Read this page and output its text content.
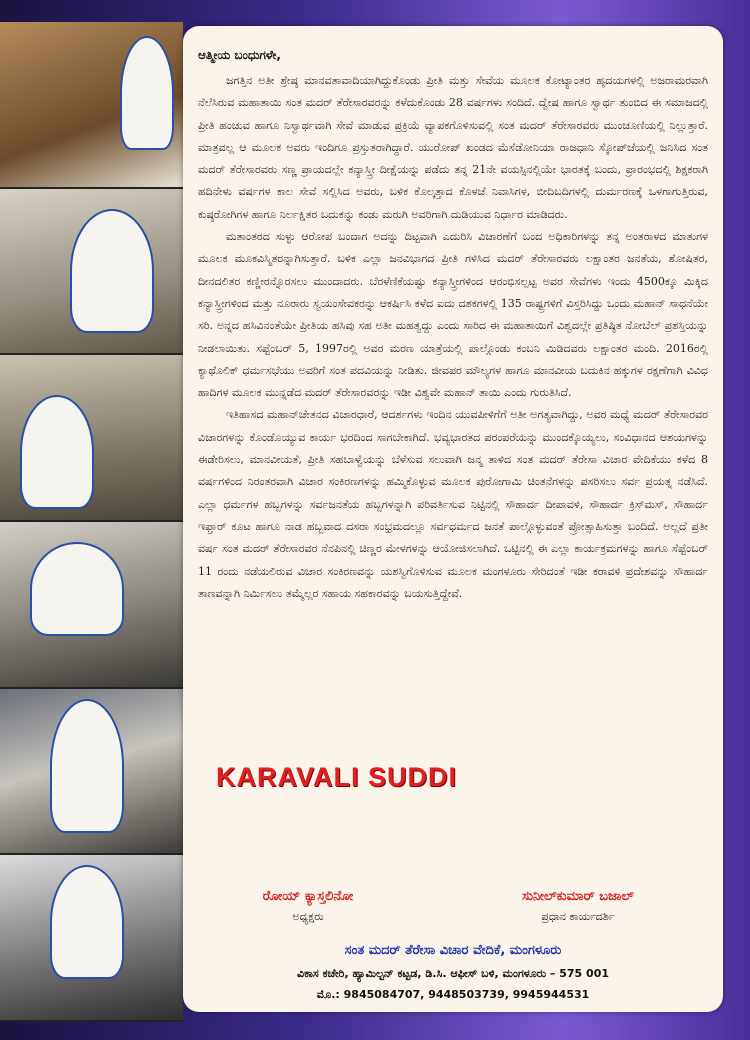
ಆತ್ಮೀಯ ಬಂಧುಗಳೇ,

ಜಗತ್ತಿನ ಅತೀ ಶ್ರೇಷ್ಠ ಮಾನವತಾವಾದಿಯಾಗಿದ್ದುಕೊಂಡು ಪ್ರೀತಿ ಮತ್ತು ಸೇವೆಯ ಮೂಲಕ ಕೋಟ್ಯಾಂತರ ಹೃದಯಗಳಲ್ಲಿ ಅಜರಾಮರವಾಗಿ ನೆಲೆಸಿರುವ ಮಹಾತಾಯಿ ಸಂತ ಮದರ್ ತೆರೇಸಾರವರನ್ನು ಕಳೆದುಕೊಂಡು 28 ವರ್ಷಗಳು ಸಂದಿದೆ. ದ್ವೇಷ ಹಾಗೂ ಸ್ವಾರ್ಥ ತುಂಬಿದ ಈ ಸಮಾಜದಲ್ಲಿ ಪ್ರೀತಿ ಹಂಚುವ ಹಾಗೂ ನಿಸ್ವಾರ್ಥವಾಗಿ ಸೇವೆ ಮಾಡುವ ಪ್ರಕ್ರಿಯೆ ವ್ಯಾಪಕಗೊಳಿಸುವಲ್ಲಿ ಸಂತ ಮದರ್ ತೆರೇಸಾರವರು ಮುಂಚೂಣಿಯಲ್ಲಿ ನಿಲ್ಲುತ್ತಾರೆ. ಮಾತ್ರವಲ್ಲ ಆ ಮೂಲಕ ಅವರು ಇಂದಿಗೂ ಪ್ರಸ್ತುತರಾಗಿದ್ದಾರೆ. ಯುರೋಪ್ ಖಂಡದ ಮೆಸೆಡೋನಿಯಾ ರಾಜಧಾನಿ ಸ್ಕೋಪ್‌ಜೆಯಲ್ಲಿ ಜನಿಸಿದ ಸಂತ ಮದರ್ ತೆರೇಸಾರವರು ಸಣ್ಣ ಪ್ರಾಯದಲ್ಲೇ ಕನ್ಯಾಸ್ತ್ರೀ ದೀಕ್ಷೆಯನ್ನು ಪಡೆದು ತನ್ನ 21ನೇ ವಯಸ್ಸಿನಲ್ಲಿಯೇ ಭಾರತಕ್ಕೆ ಬಂದು, ಪ್ರಾರಂಭದಲ್ಲಿ ಶಿಕ್ಷಕರಾಗಿ ಹದಿನೇಳು ವರ್ಷಗಳ ಕಾಲ ಸೇವೆ ಸಲ್ಲಿಸಿದ ಅವರು, ಬಳಿಕ ಕೊಲ್ಕತ್ತಾದ ಕೊಳಚೆ ನಿವಾಸಿಗಳ, ಬೀದಿಬದಿಗಳಲ್ಲಿ ದುರ್ಮರಣಕ್ಕೆ ಒಳಗಾಗುತ್ತಿರುವ, ಕುಷ್ಠರೋಗಿಗಳ ಹಾಗೂ ನಿರ್ಲಕ್ಷಿತರ ಬದುಕನ್ನು ಕಂಡು ಮರುಗಿ ಅವರಿಗಾಗಿ ದುಡಿಯುವ ನಿರ್ಧಾರ ಮಾಡಿದರು.

ಮತಾಂತರದ ಸುಳ್ಳು ಆರೋಪ ಬಂದಾಗ ಅದನ್ನು ದಿಟ್ಟವಾಗಿ ಎದುರಿಸಿ ವಿಚಾರಣೆಗೆ ಬಂದ ಅಧಿಕಾರಿಗಳನ್ನು ತನ್ನ ಅಂತರಾಳದ ಮಾತುಗಳ ಮೂಲಕ ಮೂಕವಿಸ್ಮಿತರನ್ನಾಗಿಸುತ್ತಾರೆ. ಬಳಿಕ ಎಲ್ಲಾ ಜನವಿಭಾಗದ ಪ್ರೀತಿ ಗಳಿಸಿದ ಮದರ್ ತೆರೇಸಾರವರು ಲಕ್ಷಾಂತರ ಜನತೆಯ, ಶೋಷಿತರ, ದೀನದಲಿತರ ಕಣ್ಣೀರನ್ನೊರಸಲು ಮುಂದಾದರು. ಬೆರಳೆಣಿಕೆಯಷ್ಟು ಕನ್ಯಾಸ್ತ್ರೀಗಳಿಂದ ಆರಂಭಿಸಲ್ಪಟ್ಟ ಅವರ ಸೇವೆಗಳು ಇಂದು 4500ಕ್ಕೂ ಮಿಕ್ಕಿದ ಕನ್ಯಾಸ್ತ್ರೀಗಳಿಂದ ಮತ್ತು ನೂರಾರು ಸ್ವಯಂಸೇವಕರನ್ನು ಆಕರ್ಷಿಸಿ ಕಳೆದ ಐದು ದಶಕಗಳಲ್ಲಿ 135 ರಾಷ್ಟ್ರಗಳಿಗೆ ವಿಸ್ತರಿಸಿದ್ದು ಒಂದು ಮಹಾನ್ ಸಾಧನೆಯೇ ಸರಿ. ಅನ್ನದ ಹಸಿವಿನಂತೆಯೇ ಪ್ರೀತಿಯ ಹಸಿವು ಸಹ ಅತೀ ಮಹತ್ವದ್ದು ಎಂದು ಸಾರಿದ ಈ ಮಹಾತಾಯಿಗೆ ವಿಶ್ವದಲ್ಲೇ ಪ್ರತಿಷ್ಠಿತ ನೋಬೆಲ್ ಪ್ರಶಸ್ತಿಯನ್ನು ನೀಡಲಾಯಿತು. ಸಪ್ಟೆಂಬರ್ 5, 1997ರಲ್ಲಿ ಅವರ ಮರಣ ಯಾತ್ರೆಯಲ್ಲಿ ಪಾಲ್ಗೊಂಡು ಕಂಬನಿ ಮಿಡಿದವರು ಲಕ್ಷಾಂತರ ಮಂದಿ. 2016ರಲ್ಲಿ ಕ್ಯಾಥೊಲಿಕ್ ಧರ್ಮಸಭೆಯು ಅವರಿಗೆ ಸಂತ ಪದವಿಯನ್ನು ನೀಡಿತು. ಜೀವಪರ ಮೌಲ್ಯಗಳ ಹಾಗೂ ಮಾನವೀಯ ಬದುಕಿನ ಹಕ್ಕುಗಳ ರಕ್ಷಣೆಗಾಗಿ ವಿವಿಧ ಹಾದಿಗಳ ಮೂಲಕ ಮುನ್ನಡೆದ ಮದರ್ ತೆರೇಸಾರವರನ್ನು ಇಡೀ ವಿಶ್ವವೇ ಮಹಾನ್ ತಾಯಿ ಎಂದು ಗುರುತಿಸಿದೆ.

ಇತಿಹಾಸದ ಮಹಾನ್‌ಚೇತನದ ವಿಚಾರಧಾರೆ, ಆದರ್ಶಗಳು ಇಂದಿನ ಯುವಪೀಳಿಗೆಗೆ ಅತೀ ಅಗತ್ಯವಾಗಿದ್ದು, ಅವರ ಮಧ್ಯೆ ಮದರ್ ತೆರೇಸಾರವರ ವಿಚಾರಗಳನ್ನು ಕೊಂಡೊಯ್ಯುವ ಕಾರ್ಯ ಭರದಿಂದ ಸಾಗಬೇಕಾಗಿದೆ. ಭವ್ಯಭಾರತದ ಪರಂಪರೆಯನ್ನು ಮುಂದಕ್ಕೊಯ್ಯಲು, ಸಂವಿಧಾನದ ಆಶಯಗಳನ್ನು ಈಡೇರಿಸಲು, ಮಾನವೀಯತೆ, ಪ್ರೀತಿ ಸಹಬಾಳ್ವೆಯನ್ನು ಬೆಳೆಸುವ ಸಲುವಾಗಿ ಜನ್ಮ ತಾಳಿದ ಸಂತ ಮದರ್ ತೆರೇಸಾ ವಿಚಾರ ವೇದಿಕೆಯು ಕಳೆದ 8 ವರ್ಷಗಳಿಂದ ನಿರಂತರವಾಗಿ ವಿಚಾರ ಸಂಕಿರಣಗಳನ್ನು ಹಮ್ಮಿಕೊಳ್ಳುವ ಮೂಲಕ ಪುರೋಗಾಮಿ ಚಿಂತನೆಗಳನ್ನು ಪಸರಿಸಲು ಸರ್ವ ಪ್ರಯತ್ನ ನಡೆಸಿದೆ. ಎಲ್ಲಾ ಧರ್ಮಗಳ ಹಬ್ಬಗಳನ್ನು ಸರ್ವಜನತೆಯ ಹಬ್ಬಗಳನ್ನಾಗಿ ಪರಿವರ್ತಿಸುವ ನಿಟ್ಟಿನಲ್ಲಿ ಸೌಹಾರ್ದ ದೀಪಾವಳಿ, ಸೌಹಾರ್ದ ಕ್ರಿಸ್‌ಮಸ್, ಸೌಹಾರ್ದ ಇಫ್ತಾರ್ ಕೂಟ ಹಾಗೂ ನಾಡ ಹಬ್ಬವಾದ ದಸರಾ ಸಂಭ್ರಮದಲ್ಲೂ ಸರ್ವಧರ್ಮದ ಜನತೆ ಪಾಲ್ಗೊಳ್ಳುವಂತೆ ಪ್ರೋತ್ಸಾಹಿಸುತ್ತಾ ಬಂದಿದೆ. ಅಲ್ಲದೆ ಪ್ರತೀ ವರ್ಷ ಸಂತ ಮದರ್ ತೆರೇಸಾರವರ ನೆನಪಿನಲ್ಲಿ ಚಿಣ್ಣರ ಮೇಳಗಳನ್ನು ಆಯೋಜಿಸಲಾಗಿದೆ. ಒಟ್ಟಿನಲ್ಲಿ ಈ ಎಲ್ಲಾ ಕಾರ್ಯಕ್ರಮಗಳನ್ನು ಹಾಗೂ ಸೆಪ್ಟೆಂಬರ್ 11 ರಂದು ನಡೆಯಲಿರುವ ವಿಚಾರ ಸಂಕಿರಣವನ್ನು ಯಶಸ್ವಿಗೊಳಿಸುವ ಮೂಲಕ ಮಂಗಳೂರು ಸೇರಿದಂತೆ ಇಡೀ ಕರಾವಳಿ ಪ್ರದೇಶವನ್ನು ಸೌಹಾರ್ದ ತಾಣವನ್ನಾಗಿ ನಿರ್ಮಿಸಲು ತಮ್ಮೆಲ್ಲರ ಸಹಾಯ ಸಹಕಾರವನ್ನು ಬಯಸುತ್ತಿದ್ದೇವೆ.

KARAVALI SUDDI
ರೋಯ್ ಕ್ಯಾಸ್ತಲಿನೋ
ಅಧ್ಯಕ್ಷರು
ಸುನೀಲ್‌ಕುಮಾರ್ ಬಜಾಲ್
ಪ್ರಧಾನ ಕಾರ್ಯದರ್ಶಿ
ಸಂತ ಮದರ್ ತೆರೇಸಾ ವಿಚಾರ ವೇದಿಕೆ, ಮಂಗಳೂರು
ವಿಕಾಸ ಕಚೇರಿ, ಹ್ಯಾಮಿಲ್ಟನ್ ಕಟ್ಟಡ, ಡಿ.ಸಿ. ಆಫೀಸ್ ಬಳಿ, ಮಂಗಳೂರು – 575 001
ಮೊ.: 9845084707, 9448503739, 9945944531
